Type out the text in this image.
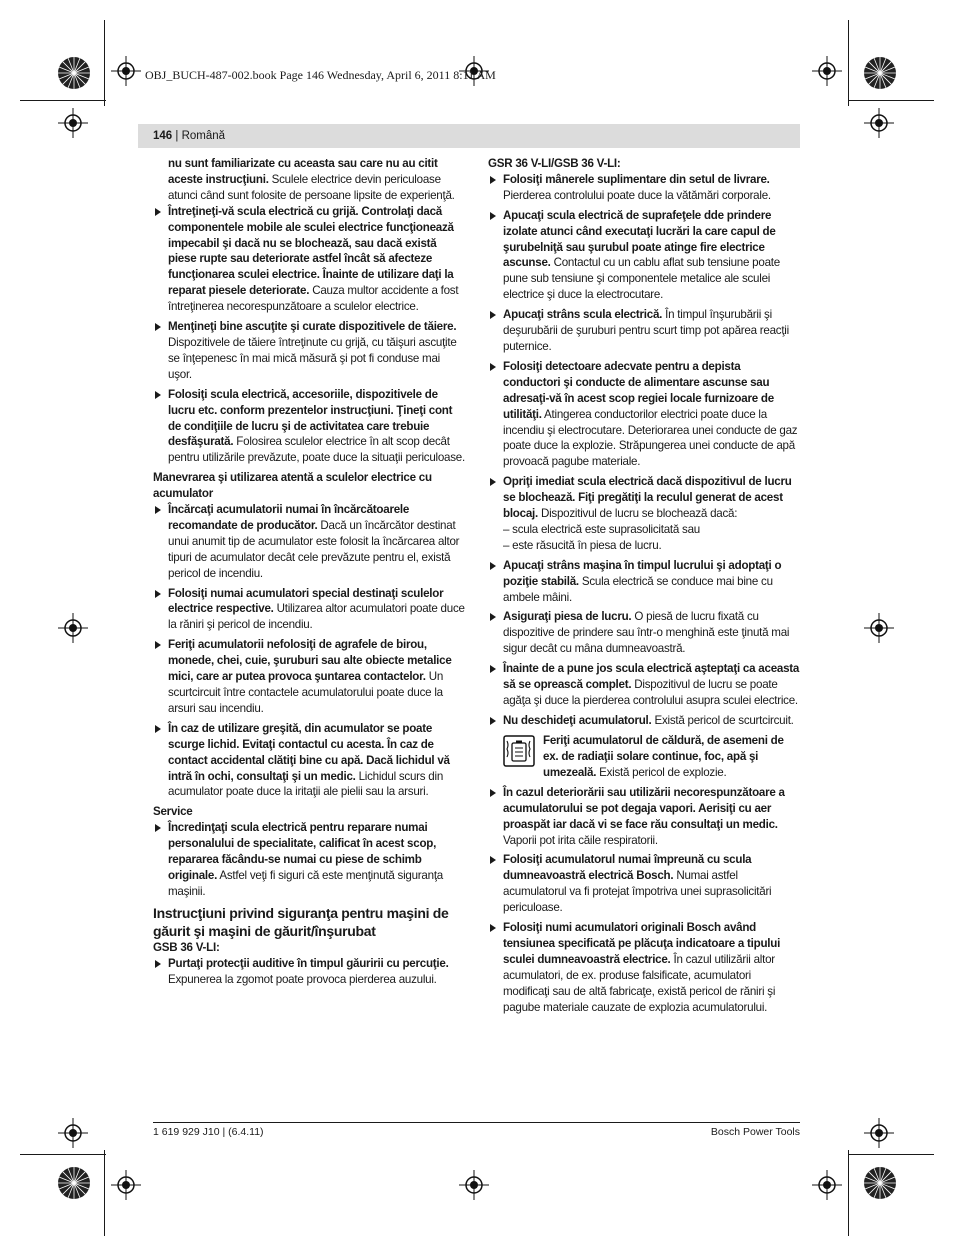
OBJ_BUCH-487-002.book Page 146 Wednesday, April 6, 2011 8:11 AM
146 | Română

nu sunt familiarizate cu aceasta sau care nu au citit aceste instrucţiuni. Sculele electrice devin periculoase atunci când sunt folosite de persoane lipsite de experienţă.

Întreţineţi-vă scula electrică cu grijă. Controlaţi dacă componentele mobile ale sculei electrice funcţionează impecabil şi dacă nu se blochează, sau dacă există piese rupte sau deteriorate astfel încât să afecteze funcţionarea sculei electrice. Înainte de utilizare daţi la reparat piesele deteriorate. Cauza multor accidente a fost întreţinerea necorespunzătoare a sculelor electrice.
Menţineţi bine ascuţite şi curate dispozitivele de tăiere. Dispozitivele de tăiere întreţinute cu grijă, cu tăişuri ascuţite se înţepenesc în mai mică măsură şi pot fi conduse mai uşor.
Folosiţi scula electrică, accesoriile, dispozitivele de lucru etc. conform prezentelor instrucţiuni. Ţineţi cont de condiţiile de lucru şi de activitatea care trebuie desfăşurată. Folosirea sculelor electrice în alt scop decât pentru utilizările prevăzute, poate duce la situaţii periculoase.

Manevrarea şi utilizarea atentă a sculelor electrice cu acumulator

Încărcaţi acumulatorii numai în încărcătoarele recomandate de producător. Dacă un încărcător destinat unui anumit tip de acumulator este folosit la încărcarea altor tipuri de acumulator decât cele prevăzute pentru el, există pericol de incendiu.
Folosiţi numai acumulatori special destinaţi sculelor electrice respective. Utilizarea altor acumulatori poate duce la răniri şi pericol de incendiu.
Feriţi acumulatorii nefolosiţi de agrafele de birou, monede, chei, cuie, şuruburi sau alte obiecte metalice mici, care ar putea provoca şuntarea contactelor. Un scurtcircuit între contactele acumulatorului poate duce la arsuri sau incendiu.
În caz de utilizare greşită, din acumulator se poate scurge lichid. Evitaţi contactul cu acesta. În caz de contact accidental clătiţi bine cu apă. Dacă lichidul vă intră în ochi, consultaţi şi un medic. Lichidul scurs din acumulator poate duce la iritaţii ale pielii sau la arsuri.

Service

Încredinţaţi scula electrică pentru reparare numai personalului de specialitate, calificat în acest scop, repararea făcându-se numai cu piese de schimb originale. Astfel veţi fi siguri că este menţinută siguranţa maşinii.

Instrucţiuni privind siguranţa pentru maşini de găurit şi maşini de găurit/înşurubat

GSB 36 V-LI:

Purtaţi protecţii auditive în timpul găuririi cu percuţie. Expunerea la zgomot poate provoca pierderea auzului.

GSR 36 V-LI/GSB 36 V-LI:

Folosiţi mânerele suplimentare din setul de livrare. Pierderea controlului poate duce la vătămări corporale.
Apucaţi scula electrică de suprafeţele dde prindere izolate atunci când executaţi lucrări la care capul de şurubelniţă sau şurubul poate atinge fire electrice ascunse. Contactul cu un cablu aflat sub tensiune poate pune sub tensiune şi componentele metalice ale sculei electrice şi duce la electrocutare.
Apucaţi strâns scula electrică. În timpul înşurubării şi deşurubării de şuruburi pentru scurt timp pot apărea reacţii puternice.
Folosiţi detectoare adecvate pentru a depista conductori şi conducte de alimentare ascunse sau adresaţi-vă în acest scop regiei locale furnizoare de utilităţi. Atingerea conductorilor electrici poate duce la incendiu şi electrocutare. Deteriorarea unei conducte de gaz poate duce la explozie. Străpungerea unei conducte de apă provoacă pagube materiale.
Opriţi imediat scula electrică dacă dispozitivul de lucru se blochează. Fiţi pregătiţi la reculul generat de acest blocaj. Dispozitivul de lucru se blochează dacă:
– scula electrică este suprasolicitată sau
– este răsucită în piesa de lucru.
Apucaţi strâns maşina în timpul lucrului şi adoptaţi o poziţie stabilă. Scula electrică se conduce mai bine cu ambele mâini.
Asiguraţi piesa de lucru. O piesă de lucru fixată cu dispozitive de prindere sau într-o menghină este ţinută mai sigur decât cu mâna dumneavoastră.
Înainte de a pune jos scula electrică aşteptaţi ca aceasta să se oprească complet. Dispozitivul de lucru se poate agăţa şi duce la pierderea controlului asupra sculei electrice.
Nu deschideţi acumulatorul. Există pericol de scurtcircuit.
Feriţi acumulatorul de căldură, de asemeni de ex. de radiaţii solare continue, foc, apă şi umezeală. Există pericol de explozie.
În cazul deteriorării sau utilizării necorespunzătoare a acumulatorului se pot degaja vapori. Aerisiţi cu aer proaspăt iar dacă vi se face rău consultaţi un medic. Vaporii pot irita căile respiratorii.
Folosiţi acumulatorul numai împreună cu scula dumneavoastră electrică Bosch. Numai astfel acumulatorul va fi protejat împotriva unei suprasolicitări periculoase.
Folosiţi numi acumulatori originali Bosch având tensiunea specificată pe plăcuţa indicatoare a tipului sculei dumneavoastră electrice. În cazul utilizării altor acumulatori, de ex. produse falsificate, acumulatori modificaţi sau de altă fabricaţe, există pericol de răniri şi pagube materiale cauzate de explozia acumulatorului.
1 619 929 J10 | (6.4.11)	Bosch Power Tools
